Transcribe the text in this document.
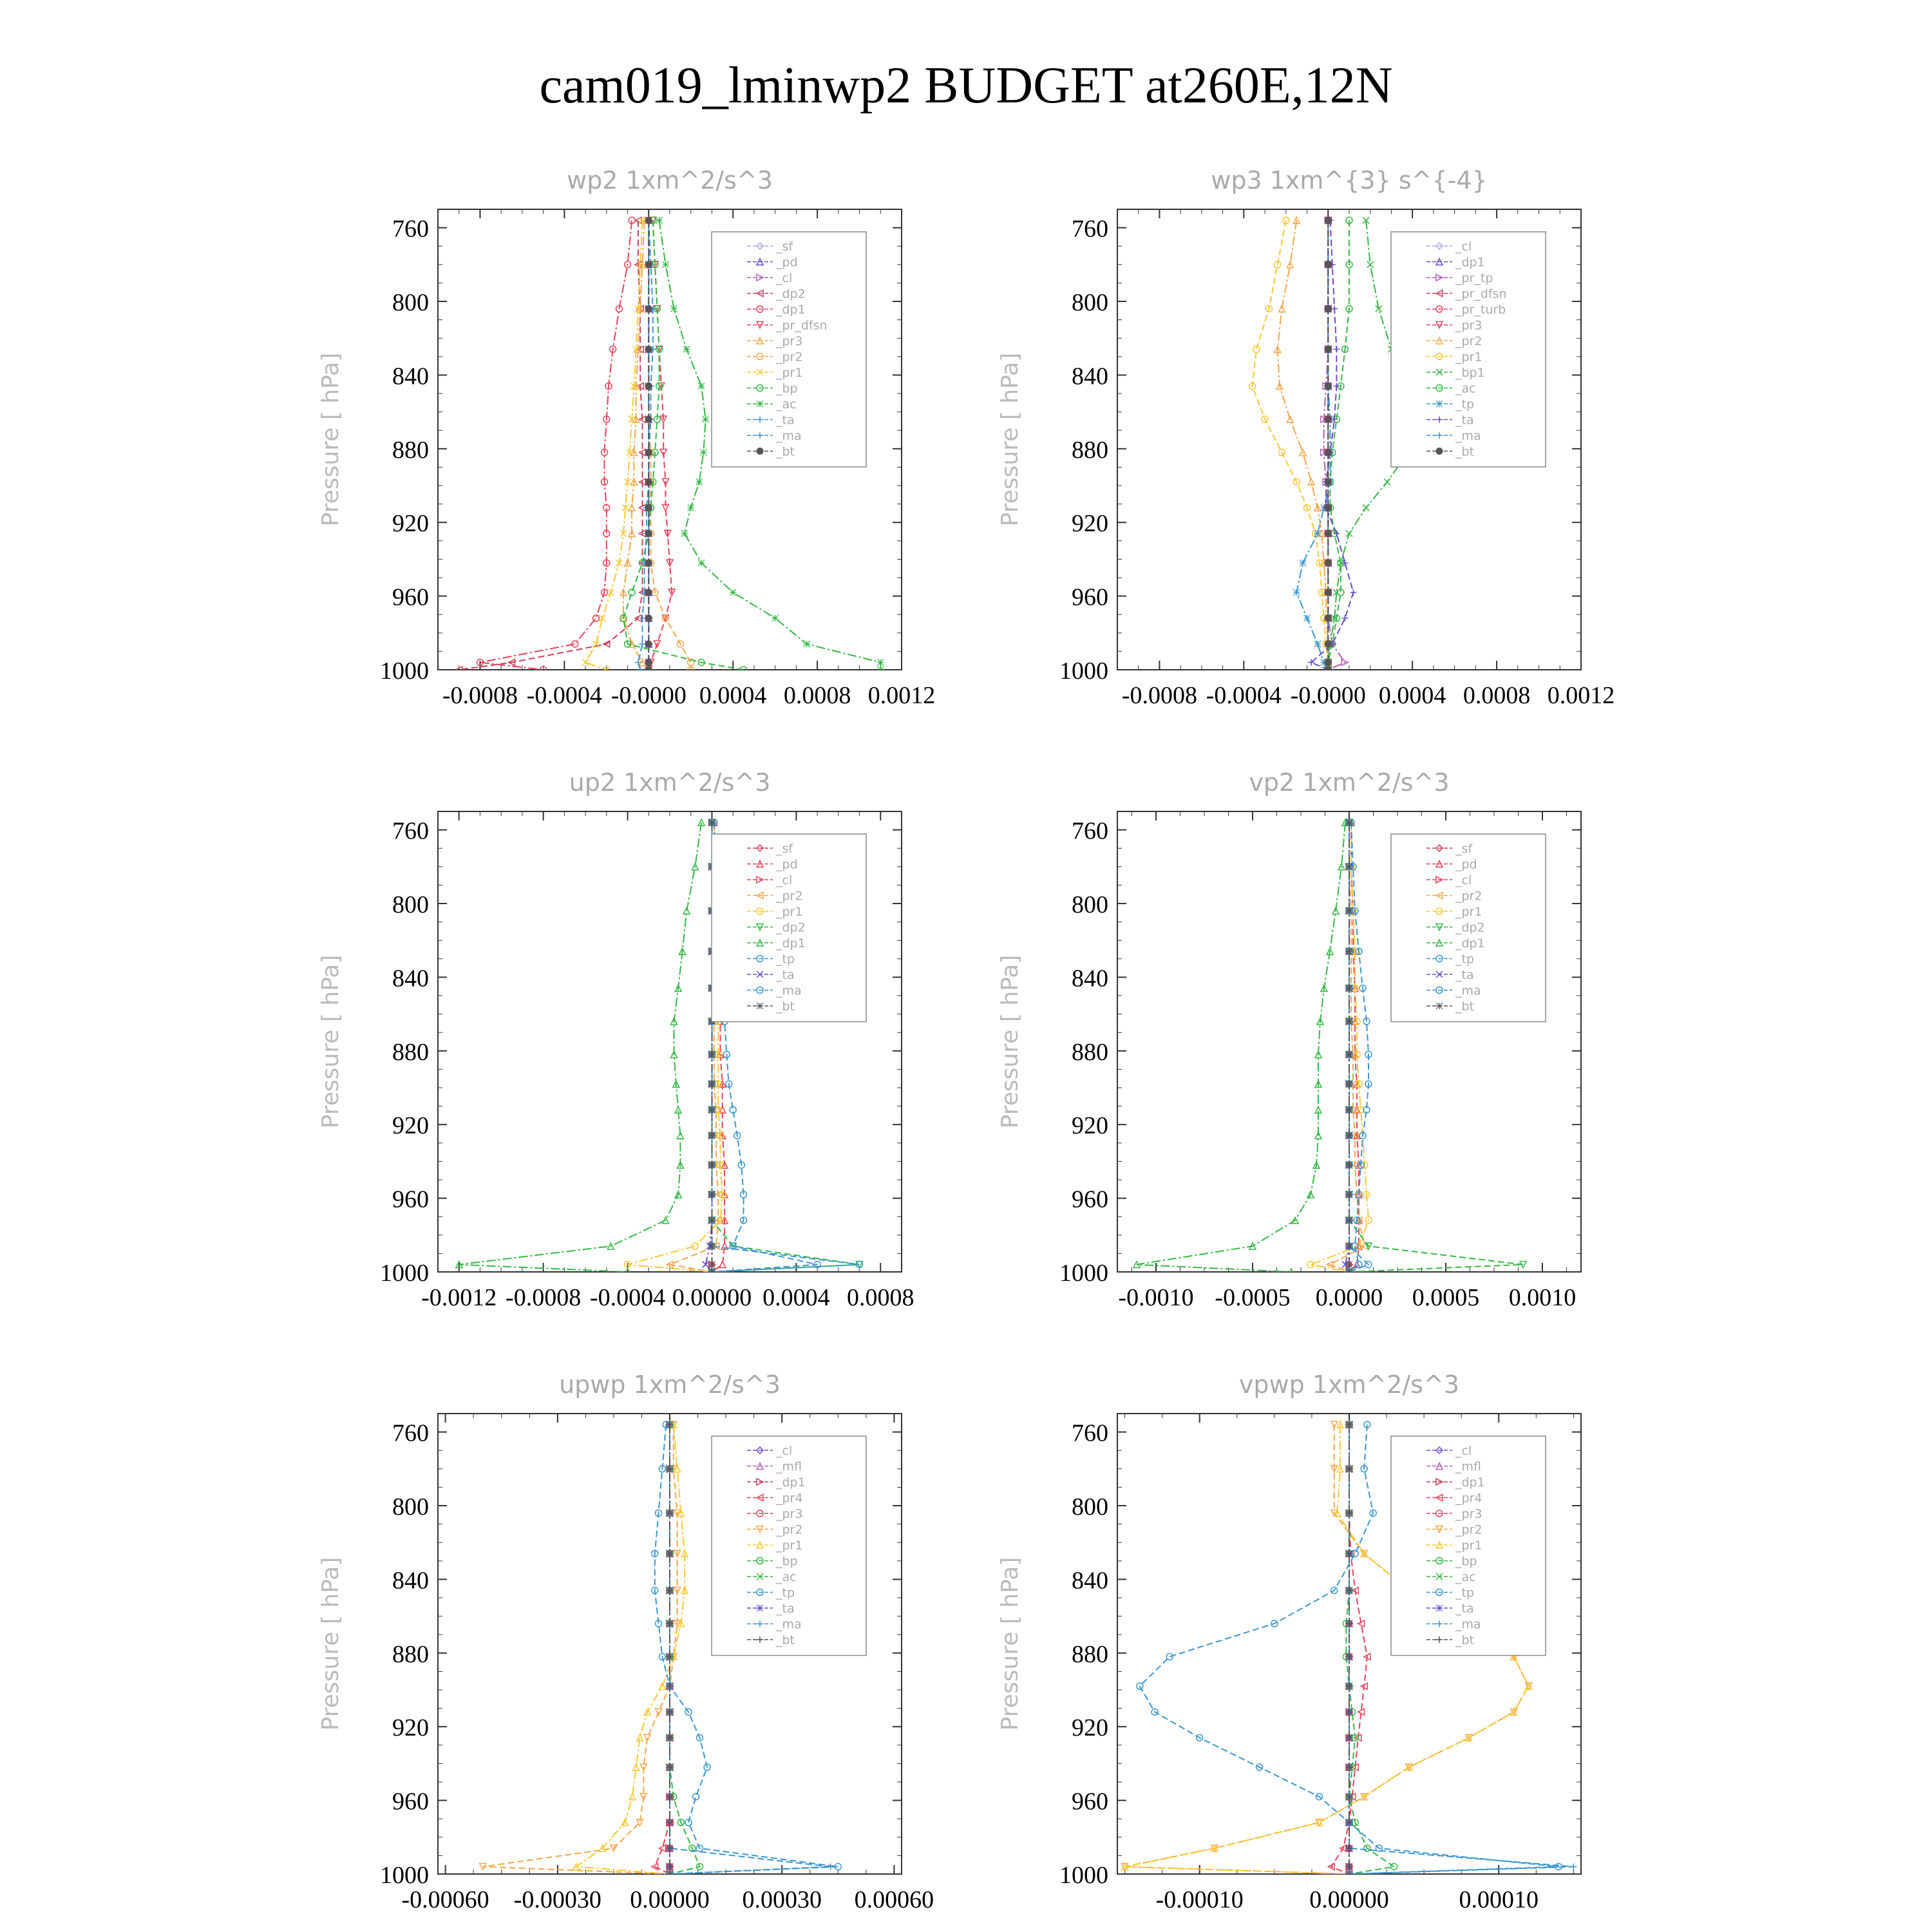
cam019_lminwp2 BUDGET at260E,12N
wp2 1xm^2/s^3
Pressure [ hPa]
760
800
840
880
920
960
1000
-0.0008 -0.0004 -0.0000 0.0004 0.0008 0.0012
_sf
_pd
_cl
_dp2
_dp1
_pr_dfsn
_pr3
_pr2
_pr1
_bp
_ac
_ta
_ma
_bt
wp3 1xm^{3} s^{-4}
Pressure [ hPa]
760
800
840
880
920
960
1000
-0.0008 -0.0004 -0.0000 0.0004 0.0008 0.0012
_cl
_dp1
_pr_tp
_pr_dfsn
_pr_turb
_pr3
_pr2
_pr1
_bp1
_ac
_tp
_ta
_ma
_bt
up2 1xm^2/s^3
Pressure [ hPa]
760
800
840
880
920
960
1000
-0.0012 -0.0008 -0.0004 0.00000 0.0004 0.0008
_sf
_pd
_cl
_pr2
_pr1
_dp2
_dp1
_tp
_ta
_ma
_bt
vp2 1xm^2/s^3
Pressure [ hPa]
760
800
840
880
920
960
1000
-0.0010 -0.0005 0.0000 0.0005 0.0010
_sf
_pd
_cl
_pr2
_pr1
_dp2
_dp1
_tp
_ta
_ma
_bt
upwp 1xm^2/s^3
Pressure [ hPa]
760
800
840
880
920
960
1000
-0.00060 -0.00030 0.00000 0.00030 0.00060
_cl
_mfl
_dp1
_pr4
_pr3
_pr2
_pr1
_bp
_ac
_tp
_ta
_ma
_bt
vpwp 1xm^2/s^3
Pressure [ hPa]
760
800
840
880
920
960
1000
-0.00010	0.00000	0.00010
_cl
_mfl
_dp1
_pr4
_pr3
_pr2
_pr1
_bp
_ac
_tp
_ta
_ma
_bt
